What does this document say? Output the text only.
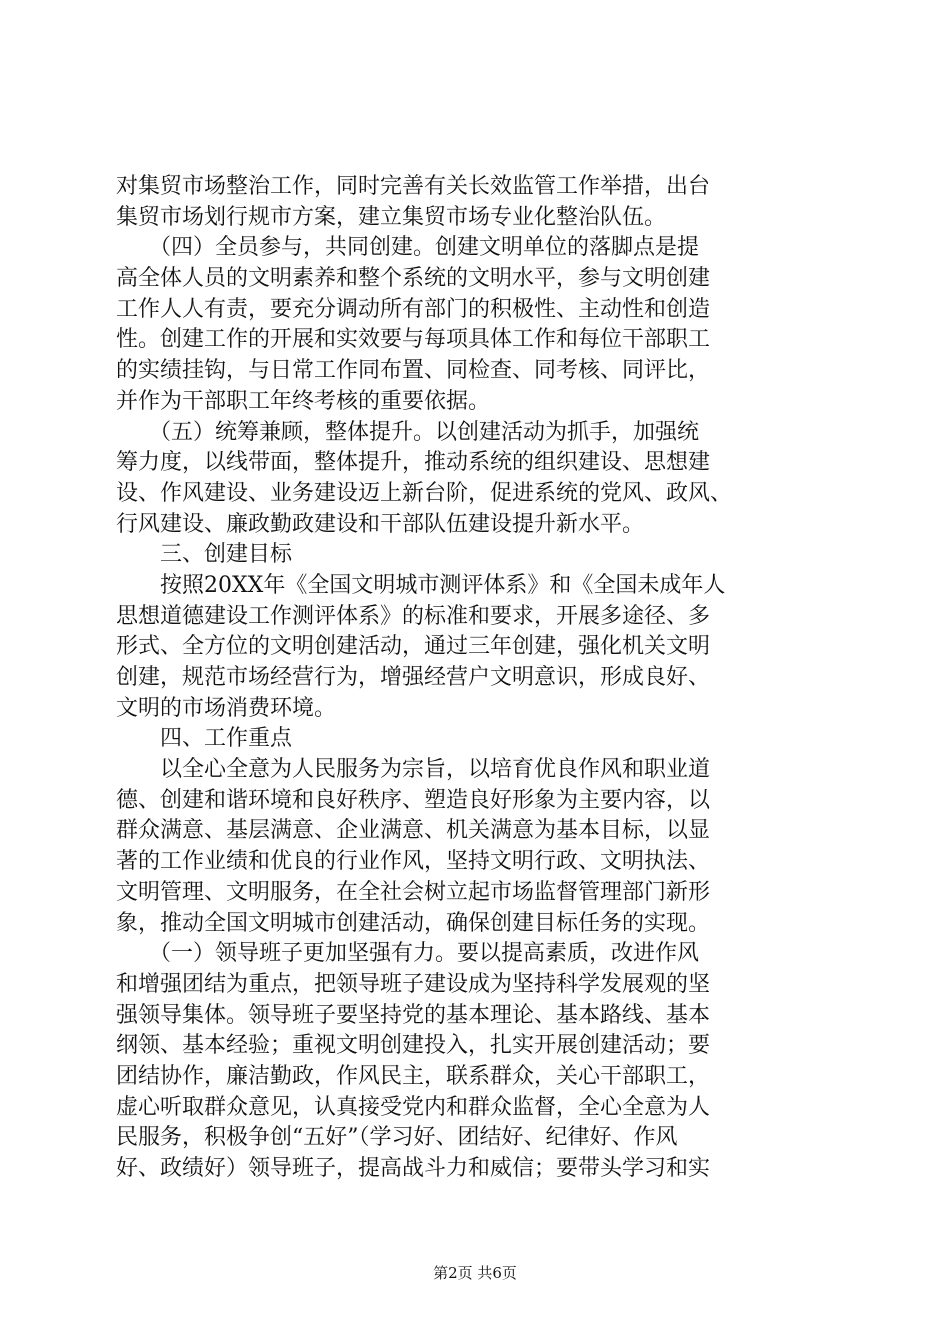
对集贸市场整治工作，同时完善有关长效监管工作举措，出台
集贸市场划行规市方案，建立集贸市场专业化整治队伍。
　　（四）全员参与，共同创建。创建文明单位的落脚点是提
高全体人员的文明素养和整个系统的文明水平，参与文明创建
工作人人有责，要充分调动所有部门的积极性、主动性和创造
性。创建工作的开展和实效要与每项具体工作和每位干部职工
的实绩挂钩，与日常工作同布置、同检查、同考核、同评比，
并作为干部职工年终考核的重要依据。
　　（五）统筹兼顾，整体提升。以创建活动为抓手，加强统
筹力度，以线带面，整体提升，推动系统的组织建设、思想建
设、作风建设、业务建设迈上新台阶，促进系统的党风、政风、
行风建设、廉政勤政建设和干部队伍建设提升新水平。
　　三、创建目标
　　按照20XX年《全国文明城市测评体系》和《全国未成年人
思想道德建设工作测评体系》的标准和要求，开展多途径、多
形式、全方位的文明创建活动，通过三年创建，强化机关文明
创建，规范市场经营行为，增强经营户文明意识，形成良好、
文明的市场消费环境。
　　四、工作重点
　　以全心全意为人民服务为宗旨，以培育优良作风和职业道
德、创建和谐环境和良好秩序、塑造良好形象为主要内容，以
群众满意、基层满意、企业满意、机关满意为基本目标，以显
著的工作业绩和优良的行业作风，坚持文明行政、文明执法、
文明管理、文明服务，在全社会树立起市场监督管理部门新形
象，推动全国文明城市创建活动，确保创建目标任务的实现。
　　（一）领导班子更加坚强有力。要以提高素质，改进作风
和增强团结为重点，把领导班子建设成为坚持科学发展观的坚
强领导集体。领导班子要坚持党的基本理论、基本路线、基本
纲领、基本经验；重视文明创建投入，扎实开展创建活动；要
团结协作，廉洁勤政，作风民主，联系群众，关心干部职工，
虚心听取群众意见，认真接受党内和群众监督，全心全意为人
民服务，积极争创“五好”（学习好、团结好、纪律好、作风
好、政绩好）领导班子，提高战斗力和威信；要带头学习和实
第2页 共6页
